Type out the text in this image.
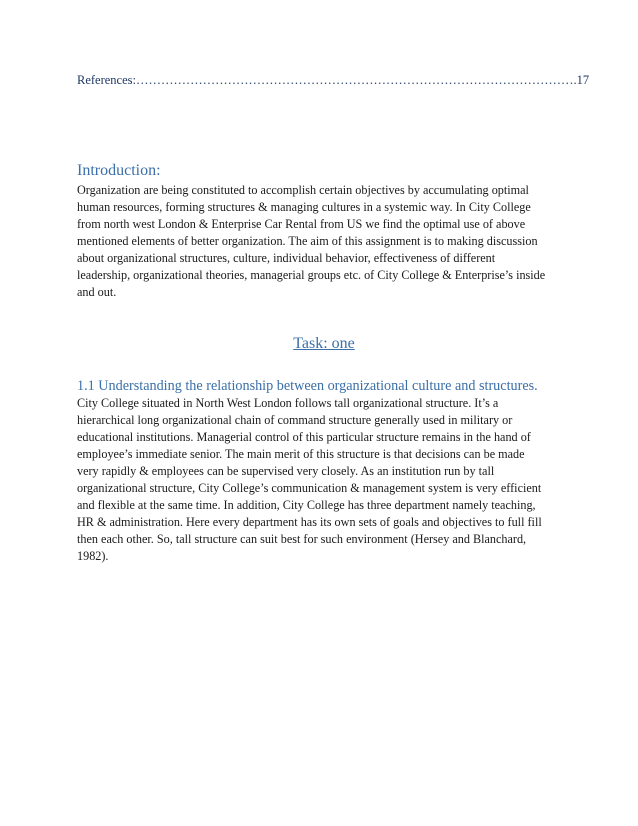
References:…………………………………………………………………………………………….17
Introduction:
Organization are being constituted to accomplish certain objectives by accumulating optimal
human resources, forming structures & managing cultures in a systemic way. In City College
from north west London & Enterprise Car Rental from US we find the optimal use of above
mentioned elements of better organization. The aim of this assignment is to making discussion
about organizational structures, culture, individual behavior, effectiveness of different
leadership, organizational theories, managerial groups etc. of City College & Enterprise’s inside
and out.
Task: one
1.1 Understanding the relationship between organizational culture and structures.
City College situated in North West London follows tall organizational structure. It’s a
hierarchical long organizational chain of command structure generally used in military or
educational institutions. Managerial control of this particular structure remains in the hand of
employee’s immediate senior. The main merit of this structure is that decisions can be made
very rapidly & employees can be supervised very closely. As an institution run by tall
organizational structure, City College’s communication & management system is very efficient
and flexible at the same time. In addition, City College has three department namely teaching,
HR & administration. Here every department has its own sets of goals and objectives to full fill
then each other. So, tall structure can suit best for such environment (Hersey and Blanchard,
1982).
